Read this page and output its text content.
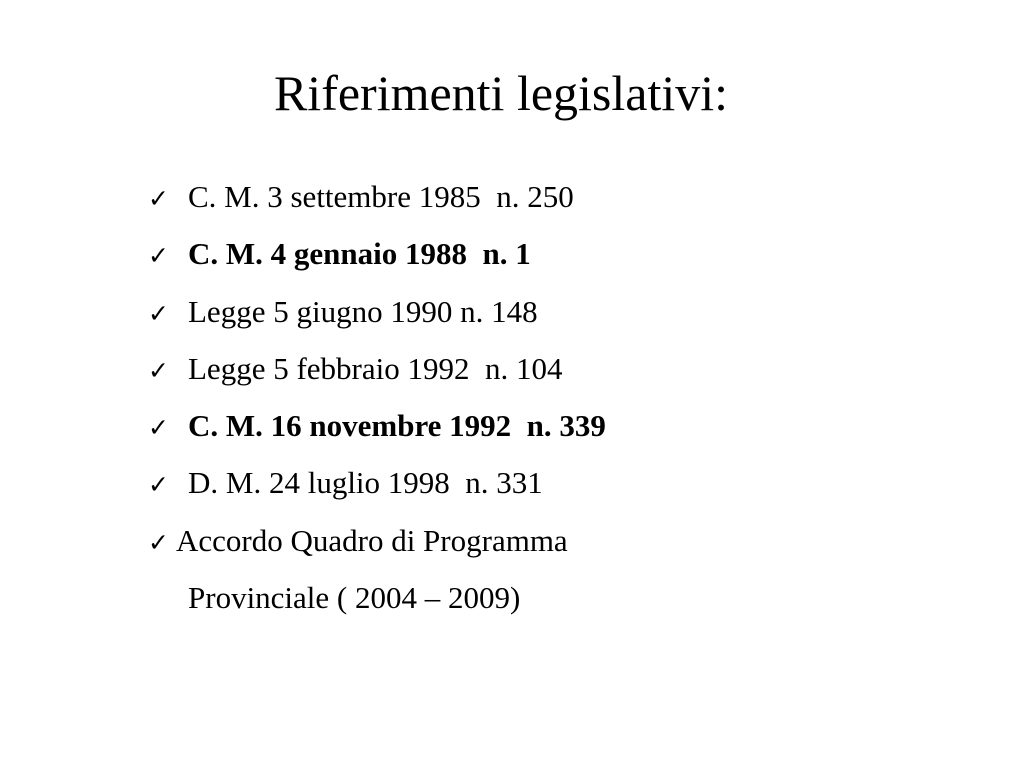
Riferimenti legislativi:
✓ C. M. 3 settembre 1985  n. 250
✓ C. M. 4 gennaio 1988  n. 1
✓ Legge 5 giugno 1990 n. 148
✓ Legge 5 febbraio 1992  n. 104
✓ C. M. 16 novembre 1992  n. 339
✓ D. M. 24 luglio 1998  n. 331
✓ Accordo Quadro di Programma
Provinciale ( 2004 – 2009)
